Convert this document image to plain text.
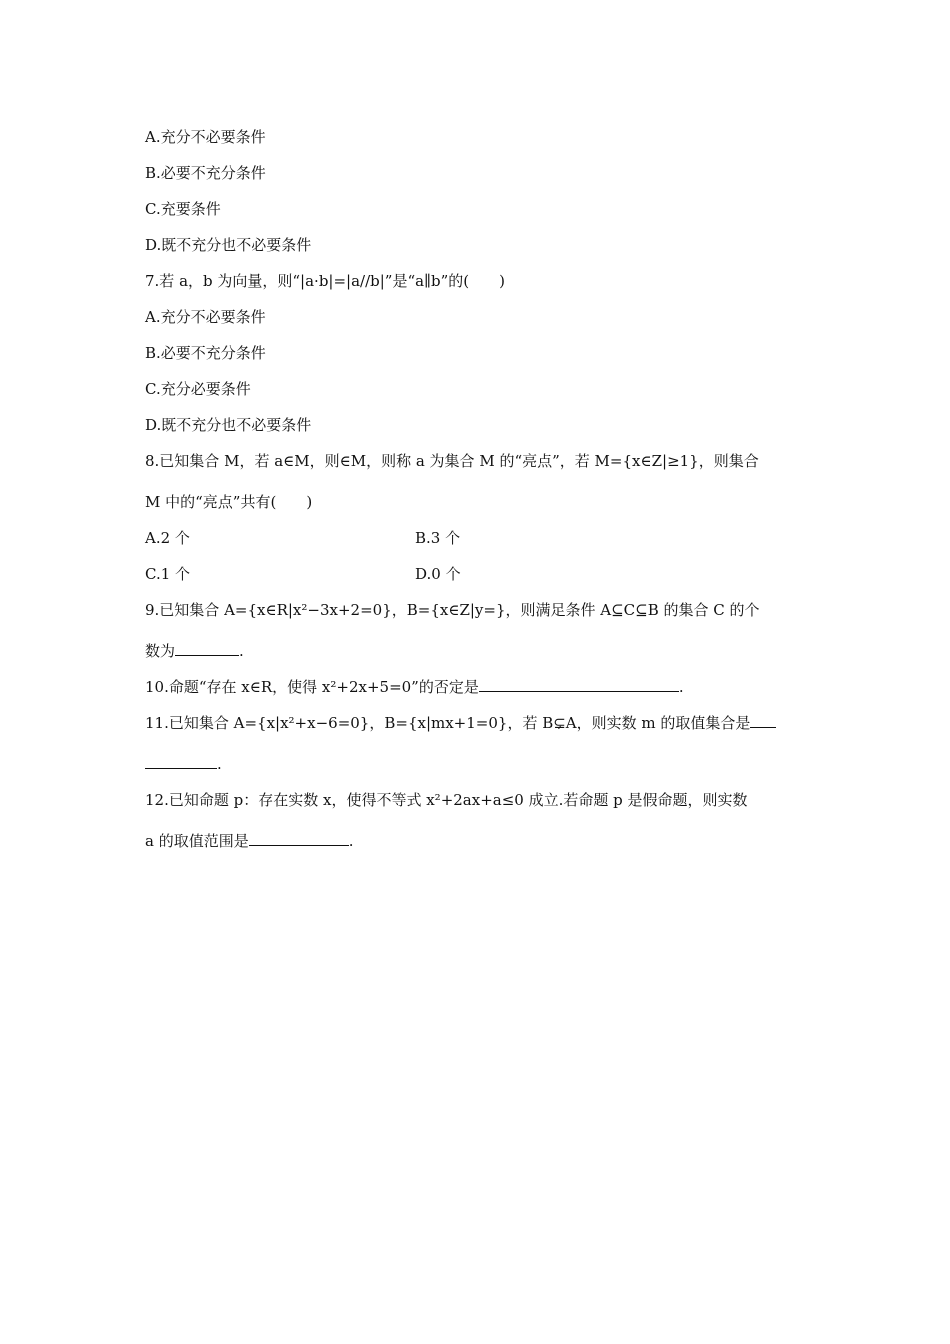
A.充分不必要条件
B.必要不充分条件
C.充要条件
D.既不充分也不必要条件
7.若 a，b 为向量，则“|a·b|=|a//b|”是“a∥b”的(　　)
A.充分不必要条件
B.必要不充分条件
C.充分必要条件
D.既不充分也不必要条件
8.已知集合 M，若 a∈M，则∈M，则称 a 为集合 M 的“亮点”，若 M={x∈Z|≥1}，则集合
M 中的“亮点”共有(　　)
A.2 个	B.3 个
C.1 个	D.0 个
9.已知集合 A={x∈R|x²−3x+2=0}，B={x∈Z|y=}，则满足条件 A⊆C⊆B 的集合 C 的个
数为	.
10.命题“存在 x∈R，使得 x²+2x+5=0”的否定是	.
11.已知集合 A={x|x²+x−6=0}，B={x|mx+1=0}，若 B⊊A，则实数 m 的取值集合是
.
12.已知命题 p：存在实数 x，使得不等式 x²+2ax+a≤0 成立.若命题 p 是假命题，则实数
a 的取值范围是	.
